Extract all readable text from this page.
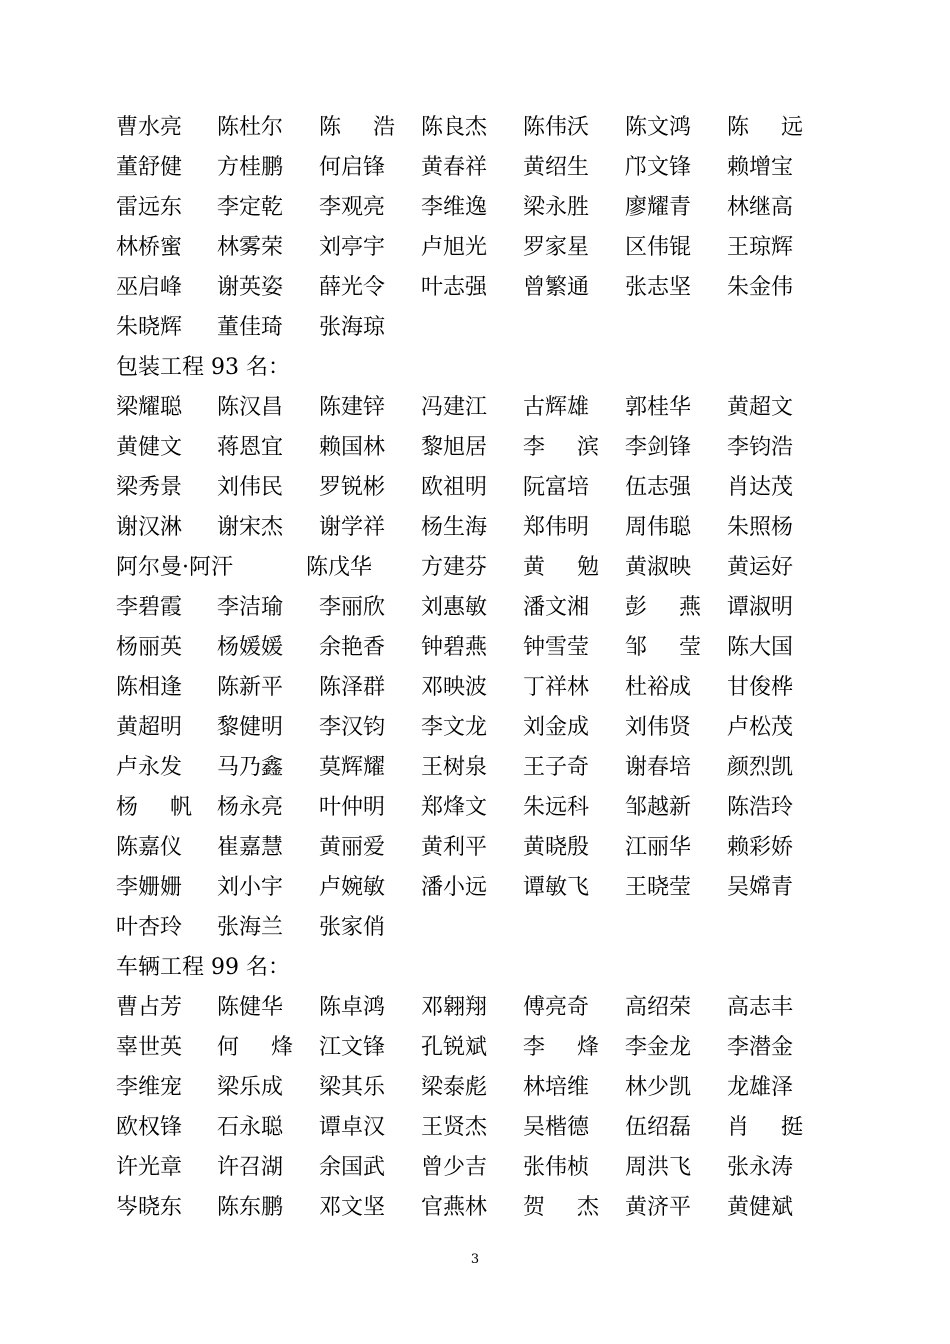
曹水亮 陈杜尔 陈 浩 陈良杰 陈伟沃 陈文鸿 陈 远
董舒健 方桂鹏 何启锋 黄春祥 黄绍生 邝文锋 赖增宝
雷远东 李定乾 李观亮 李维逸 梁永胜 廖耀青 林继高
林桥蜜 林雾荣 刘亭宇 卢旭光 罗家星 区伟锟 王琼辉
巫启峰 谢英姿 薛光令 叶志强 曾繁通 张志坚 朱金伟
朱晓辉 董佳琦 张海琼
包装工程 93 名：
梁耀聪 陈汉昌 陈建锌 冯建江 古辉雄 郭桂华 黄超文
黄健文 蒋恩宜 赖国林 黎旭居 李 滨 李剑锋 李钧浩
梁秀景 刘伟民 罗锐彬 欧祖明 阮富培 伍志强 肖达茂
谢汉淋 谢宋杰 谢学祥 杨生海 郑伟明 周伟聪 朱照杨
阿尔曼·阿汗	陈戊华 方建芬 黄 勉 黄淑映 黄运好
李碧霞 李洁瑜 李丽欣 刘惠敏 潘文湘 彭 燕 谭淑明
杨丽英 杨媛媛 余艳香 钟碧燕 钟雪莹 邹 莹 陈大国
陈相逢 陈新平 陈泽群 邓映波 丁祥林 杜裕成 甘俊桦
黄超明 黎健明 李汉钧 李文龙 刘金成 刘伟贤 卢松茂
卢永发 马乃鑫 莫辉耀 王树泉 王子奇 谢春培 颜烈凯
杨 帆 杨永亮 叶仲明 郑烽文 朱远科 邹越新 陈浩玲
陈嘉仪 崔嘉慧 黄丽爱 黄利平 黄晓殷 江丽华 赖彩娇
李姗姗 刘小宇 卢婉敏 潘小远 谭敏飞 王晓莹 吴嫦青
叶杏玲 张海兰 张家俏
车辆工程 99 名：
曹占芳 陈健华 陈卓鸿 邓翱翔 傅亮奇 高绍荣 高志丰
辜世英 何 烽 江文锋 孔锐斌 李 烽 李金龙 李潜金
李维宠 梁乐成 梁其乐 梁泰彪 林培维 林少凯 龙雄泽
欧权锋 石永聪 谭卓汉 王贤杰 吴楷德 伍绍磊 肖 挺
许光章 许召湖 余国武 曾少吉 张伟桢 周洪飞 张永涛
岑晓东 陈东鹏 邓文坚 官燕林 贺 杰 黄济平 黄健斌
3
